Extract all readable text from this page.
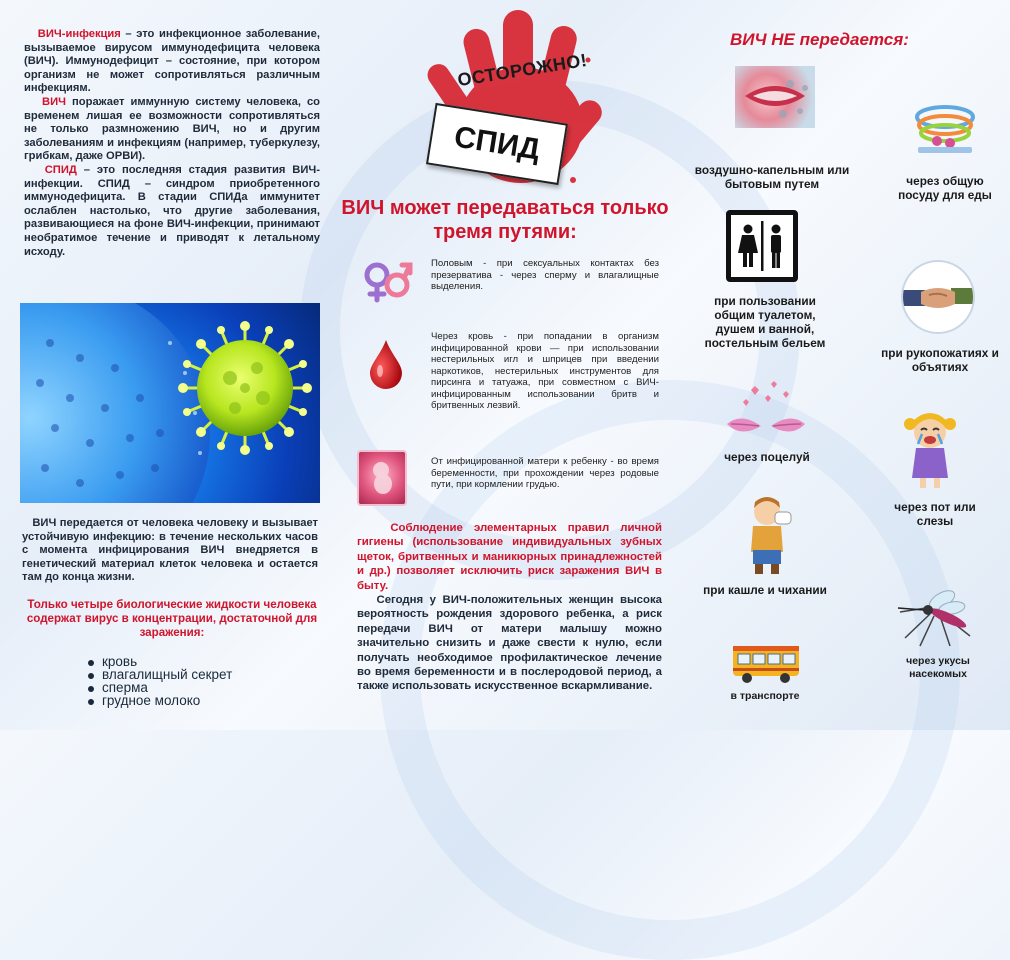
ВИЧ-инфекция – это инфекционное заболевание, вызываемое вирусом иммунодефицита человека (ВИЧ). Иммунодефицит – состояние, при котором организм не может сопротивляться различным инфекциям.

ВИЧ поражает иммунную систему человека, со временем лишая ее возможности сопротивляться не только размножению ВИЧ, но и другим заболеваниям и инфекциям (например, туберкулезу, грибкам, даже ОРВИ).

СПИД – это последняя стадия развития ВИЧ-инфекции. СПИД – синдром приобретенного иммунодефицита. В стадии СПИДа иммунитет ослаблен настолько, что другие заболевания, развивающиеся на фоне ВИЧ-инфекции, принимают необратимое течение и приводят к летальному исходу.

ВИЧ передается от человека человеку и вызывает устойчивую инфекцию: в течение нескольких часов с момента инфицирования ВИЧ внедряется в генетический материал клеток человека и остается там до конца жизни.

Только четыре биологические жидкости человека содержат вирус в концентрации, достаточной для заражения:
кровь
влагалищный секрет
сперма
грудное молоко
ОСТОРОЖНО!
СПИД
ВИЧ может передаваться только тремя путями:
Половым - при сексуальных контактах без презерватива - через сперму и влагалищные выделения.
Через кровь - при попадании в организм инфицированной крови — при использовании нестерильных игл и шприцев при введении наркотиков, нестерильных инструментов для пирсинга и татуажа, при совместном с ВИЧ-инфицированным использовании бритв и бритвенных лезвий.
От инфицированной матери к ребенку - во время беременности, при прохождении через родовые пути, при кормлении грудью.

Соблюдение элементарных правил личной гигиены (использование индивидуальных зубных щеток, бритвенных и маникюрных принадлежностей и др.) позволяет исключить риск заражения ВИЧ в быту.

Сегодня у ВИЧ-положительных женщин высока вероятность рождения здорового ребенка, а риск передачи ВИЧ от матери малышу можно значительно снизить и даже свести к нулю, если получать необходимое профилактическое лечение во время беременности и в послеродовой период, а также использовать искусственное вскармливание.

ВИЧ НЕ передается:
воздушно-капельным или бытовым путем	через общую посуду для еды
при пользовании общим туалетом, душем и ванной, постельным бельем
при рукопожатиях и объятиях
через поцелуй
через пот или слезы
при кашле и чихании
через укусы насекомых
в транспорте
